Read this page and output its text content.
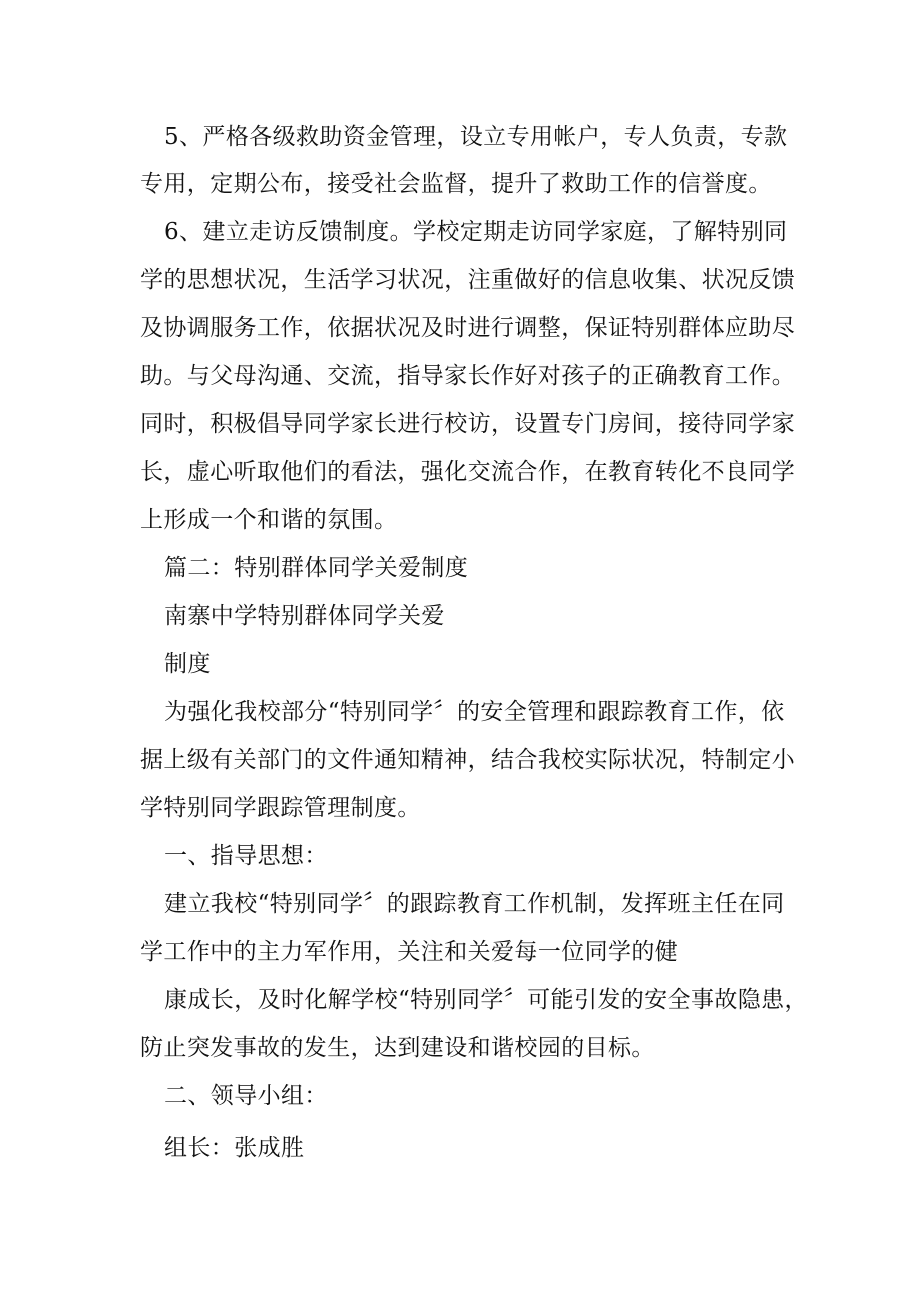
5、严格各级救助资金管理，设立专用帐户，专人负责，专款
专用，定期公布，接受社会监督，提升了救助工作的信誉度。
6、建立走访反馈制度。学校定期走访同学家庭，了解特别同
学的思想状况，生活学习状况，注重做好的信息收集、状况反馈
及协调服务工作，依据状况及时进行调整，保证特别群体应助尽
助。与父母沟通、交流，指导家长作好对孩子的正确教育工作。
同时，积极倡导同学家长进行校访，设置专门房间，接待同学家
长，虚心听取他们的看法，强化交流合作，在教育转化不良同学
上形成一个和谐的氛围。
篇二：特别群体同学关爱制度
南寨中学特别群体同学关爱
制度
为强化我校部分“特别同学〞的安全管理和跟踪教育工作，依
据上级有关部门的文件通知精神，结合我校实际状况，特制定小
学特别同学跟踪管理制度。
一、指导思想：
建立我校“特别同学〞的跟踪教育工作机制，发挥班主任在同
学工作中的主力军作用，关注和关爱每一位同学的健
康成长，及时化解学校“特别同学〞可能引发的安全事故隐患，
防止突发事故的发生，达到建设和谐校园的目标。
二、领导小组：
组长：张成胜
